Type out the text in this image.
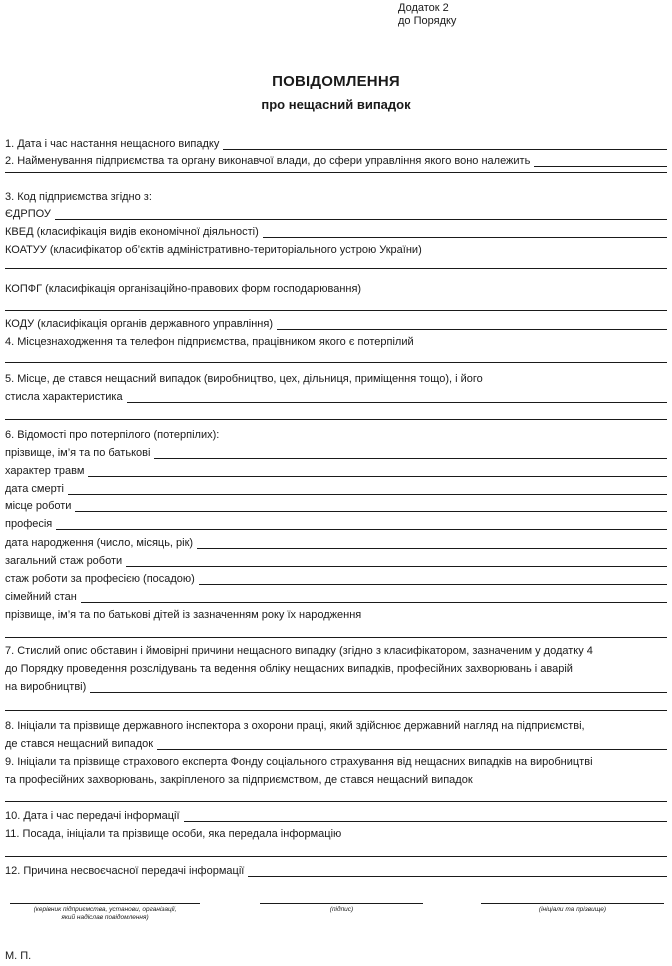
Додаток 2
до Порядку
ПОВІДОМЛЕННЯ
про нещасний випадок
1. Дата і час настання нещасного випадку
2. Найменування підприємства та органу виконавчої влади, до сфери управління якого воно належить
3. Код підприємства згідно з:
ЄДРПОУ
КВЕД (класифікація видів економічної діяльності)
КОАТУУ (класифікатор об’єктів адміністративно-територіального устрою України)
КОПФГ (класифікація організаційно-правових форм господарювання)
КОДУ (класифікація органів державного управління)
4. Місцезнаходження та телефон підприємства, працівником якого є потерпілий
5. Місце, де стався нещасний випадок (виробництво, цех, дільниця, приміщення тощо), і його
стисла характеристика
6. Відомості про потерпілого (потерпілих):
прізвище, ім’я та по батькові
характер травм
дата смерті
місце роботи
професія
дата народження (число, місяць, рік)
загальний стаж роботи
стаж роботи за професією (посадою)
сімейний стан
прізвище, ім’я та по батькові дітей із зазначенням року їх народження
7. Стислий опис обставин і ймовірні причини нещасного випадку (згідно з класифікатором, зазначеним у додатку 4
до Порядку проведення розслідувань та ведення обліку нещасних випадків, професійних захворювань і аварій
на виробництві)
8. Ініціали та прізвище державного інспектора з охорони праці, який здійснює державний нагляд на підприємстві,
де стався нещасний випадок
9. Ініціали та прізвище страхового експерта Фонду соціального страхування від нещасних випадків на виробництві
та професійних захворювань, закріпленого за підприємством, де стався нещасний випадок
10. Дата і час передачі інформації
11. Посада, ініціали та прізвище особи, яка передала інформацію
12. Причина несвоєчасної передачі інформації
(керівник підприємства, установи, організації,
який надіслав повідомлення)
(підпис)	(ініціали та прізвище)
М. П.
